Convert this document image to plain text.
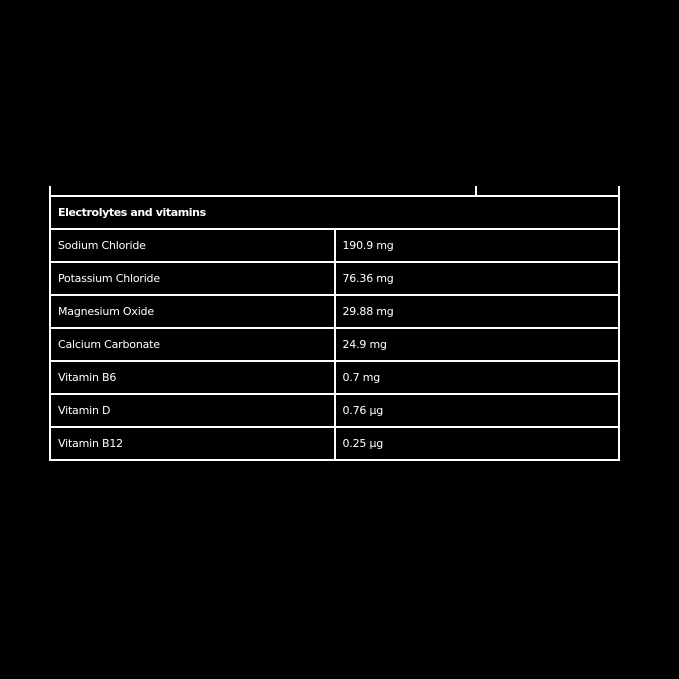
Electrolytes and vitamins	
Sodium Chloride	190.9 mg
Potassium Chloride	76.36 mg
Magnesium Oxide	29.88 mg
Calcium Carbonate	24.9 mg
Vitamin B6	0.7 mg
Vitamin D	0.76 µg
Vitamin B12	0.25 µg
